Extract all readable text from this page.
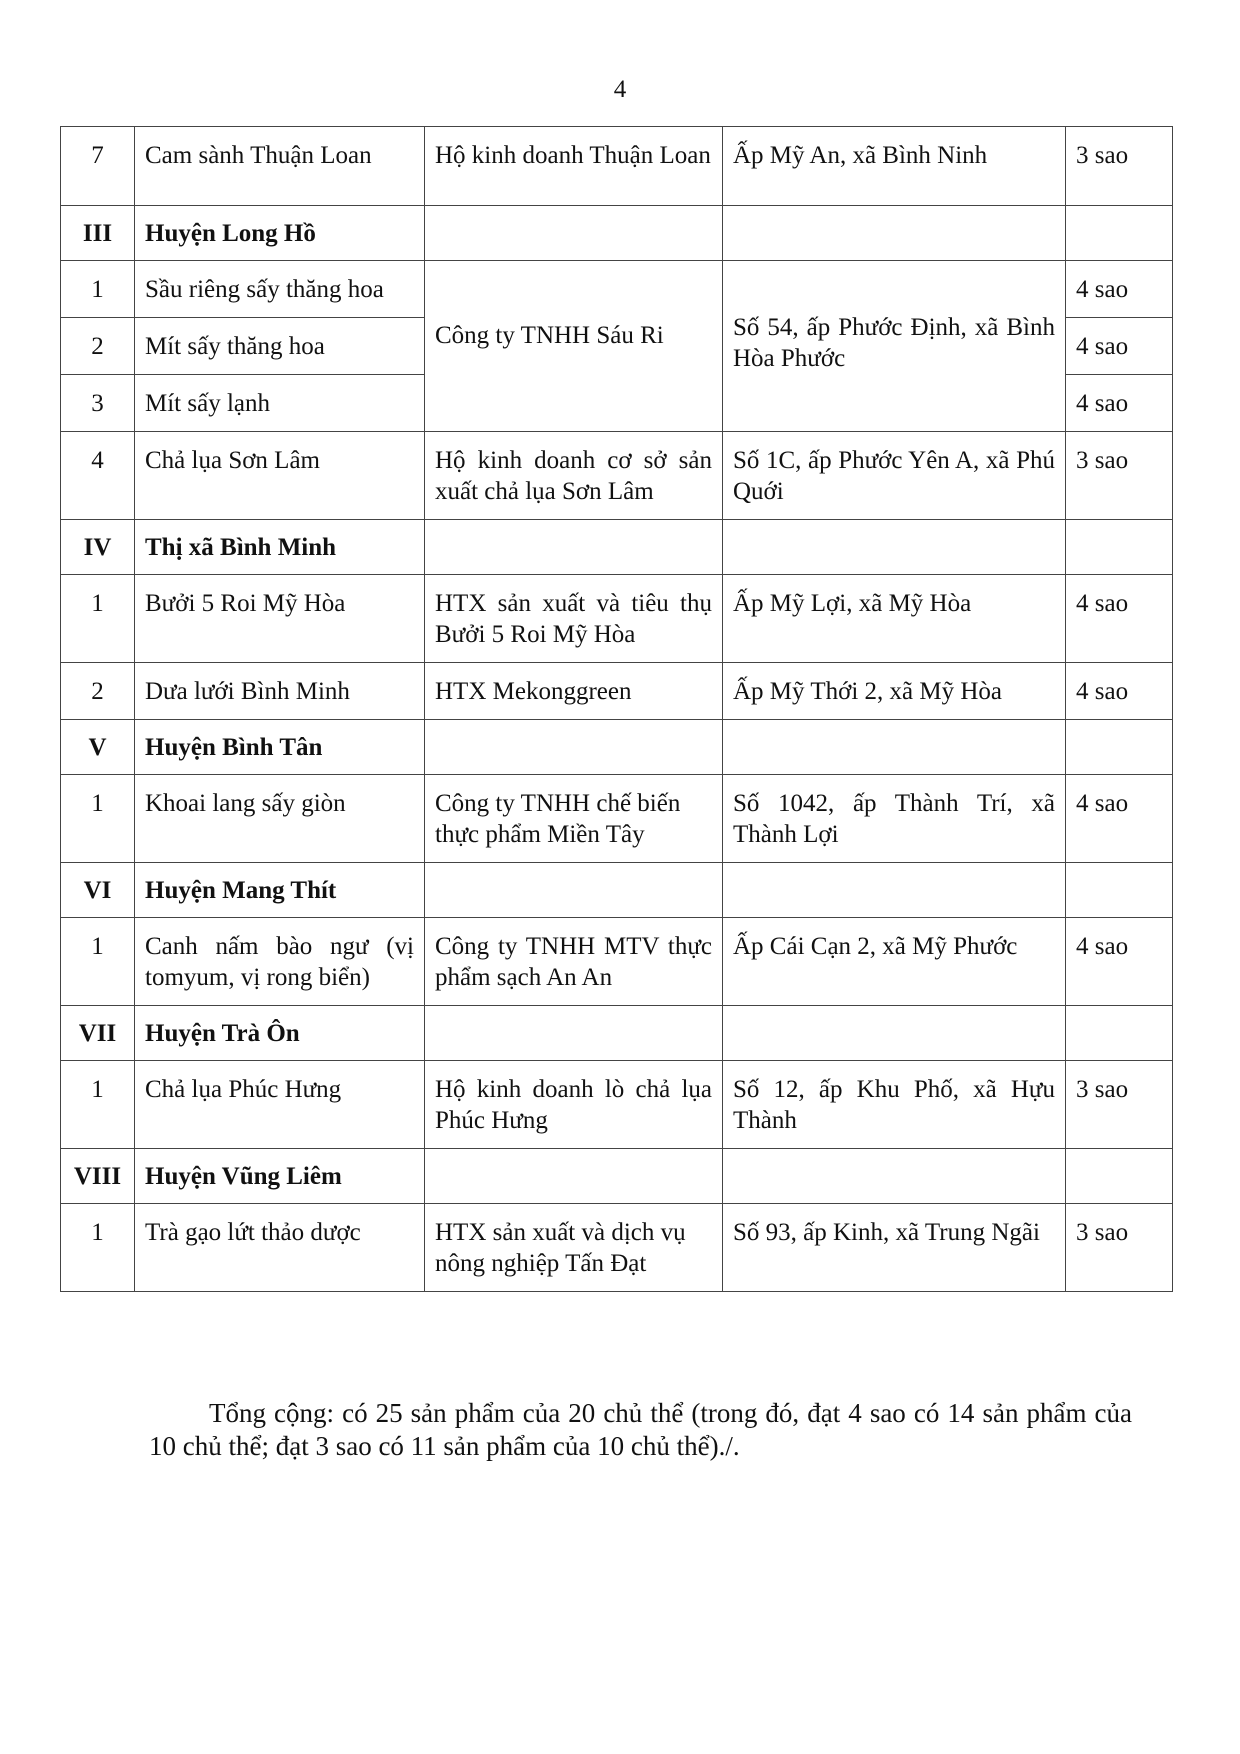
4
7	Cam sành Thuận Loan	Hộ kinh doanh Thuận Loan	Ấp Mỹ An, xã Bình Ninh	3 sao
III	Huyện Long Hồ			
1	Sầu riêng sấy thăng hoa	Công ty TNHH Sáu Ri	Số 54, ấp Phước Định, xã Bình Hòa Phước	4 sao
2	Mít sấy thăng hoa			4 sao
3	Mít sấy lạnh			4 sao
4	Chả lụa Sơn Lâm	Hộ kinh doanh cơ sở sản xuất chả lụa Sơn Lâm	Số 1C, ấp Phước Yên A, xã Phú Quới	3 sao
IV	Thị xã Bình Minh			
1	Bưởi 5 Roi Mỹ Hòa	HTX sản xuất và tiêu thụ Bưởi 5 Roi Mỹ Hòa	Ấp Mỹ Lợi, xã Mỹ Hòa	4 sao
2	Dưa lưới Bình Minh	HTX Mekonggreen	Ấp Mỹ Thới 2, xã Mỹ Hòa	4 sao
V	Huyện Bình Tân			
1	Khoai lang sấy giòn	Công ty TNHH chế biến thực phẩm Miền Tây	Số 1042, ấp Thành Trí, xã Thành Lợi	4 sao
VI	Huyện Mang Thít			
1	Canh nấm bào ngư (vị tomyum, vị rong biển)	Công ty TNHH MTV thực phẩm sạch An An	Ấp Cái Cạn 2, xã Mỹ Phước	4 sao
VII	Huyện Trà Ôn			
1	Chả lụa Phúc Hưng	Hộ kinh doanh lò chả lụa Phúc Hưng	Số 12, ấp Khu Phố, xã Hựu Thành	3 sao
VIII	Huyện Vũng Liêm			
1	Trà gạo lứt thảo dược	HTX sản xuất và dịch vụ nông nghiệp Tấn Đạt	Số 93, ấp Kinh, xã Trung Ngãi	3 sao

Tổng cộng: có 25 sản phẩm của 20 chủ thể (trong đó, đạt 4 sao có 14 sản phẩm của 10 chủ thể; đạt 3 sao có 11 sản phẩm của 10 chủ thể)./.
